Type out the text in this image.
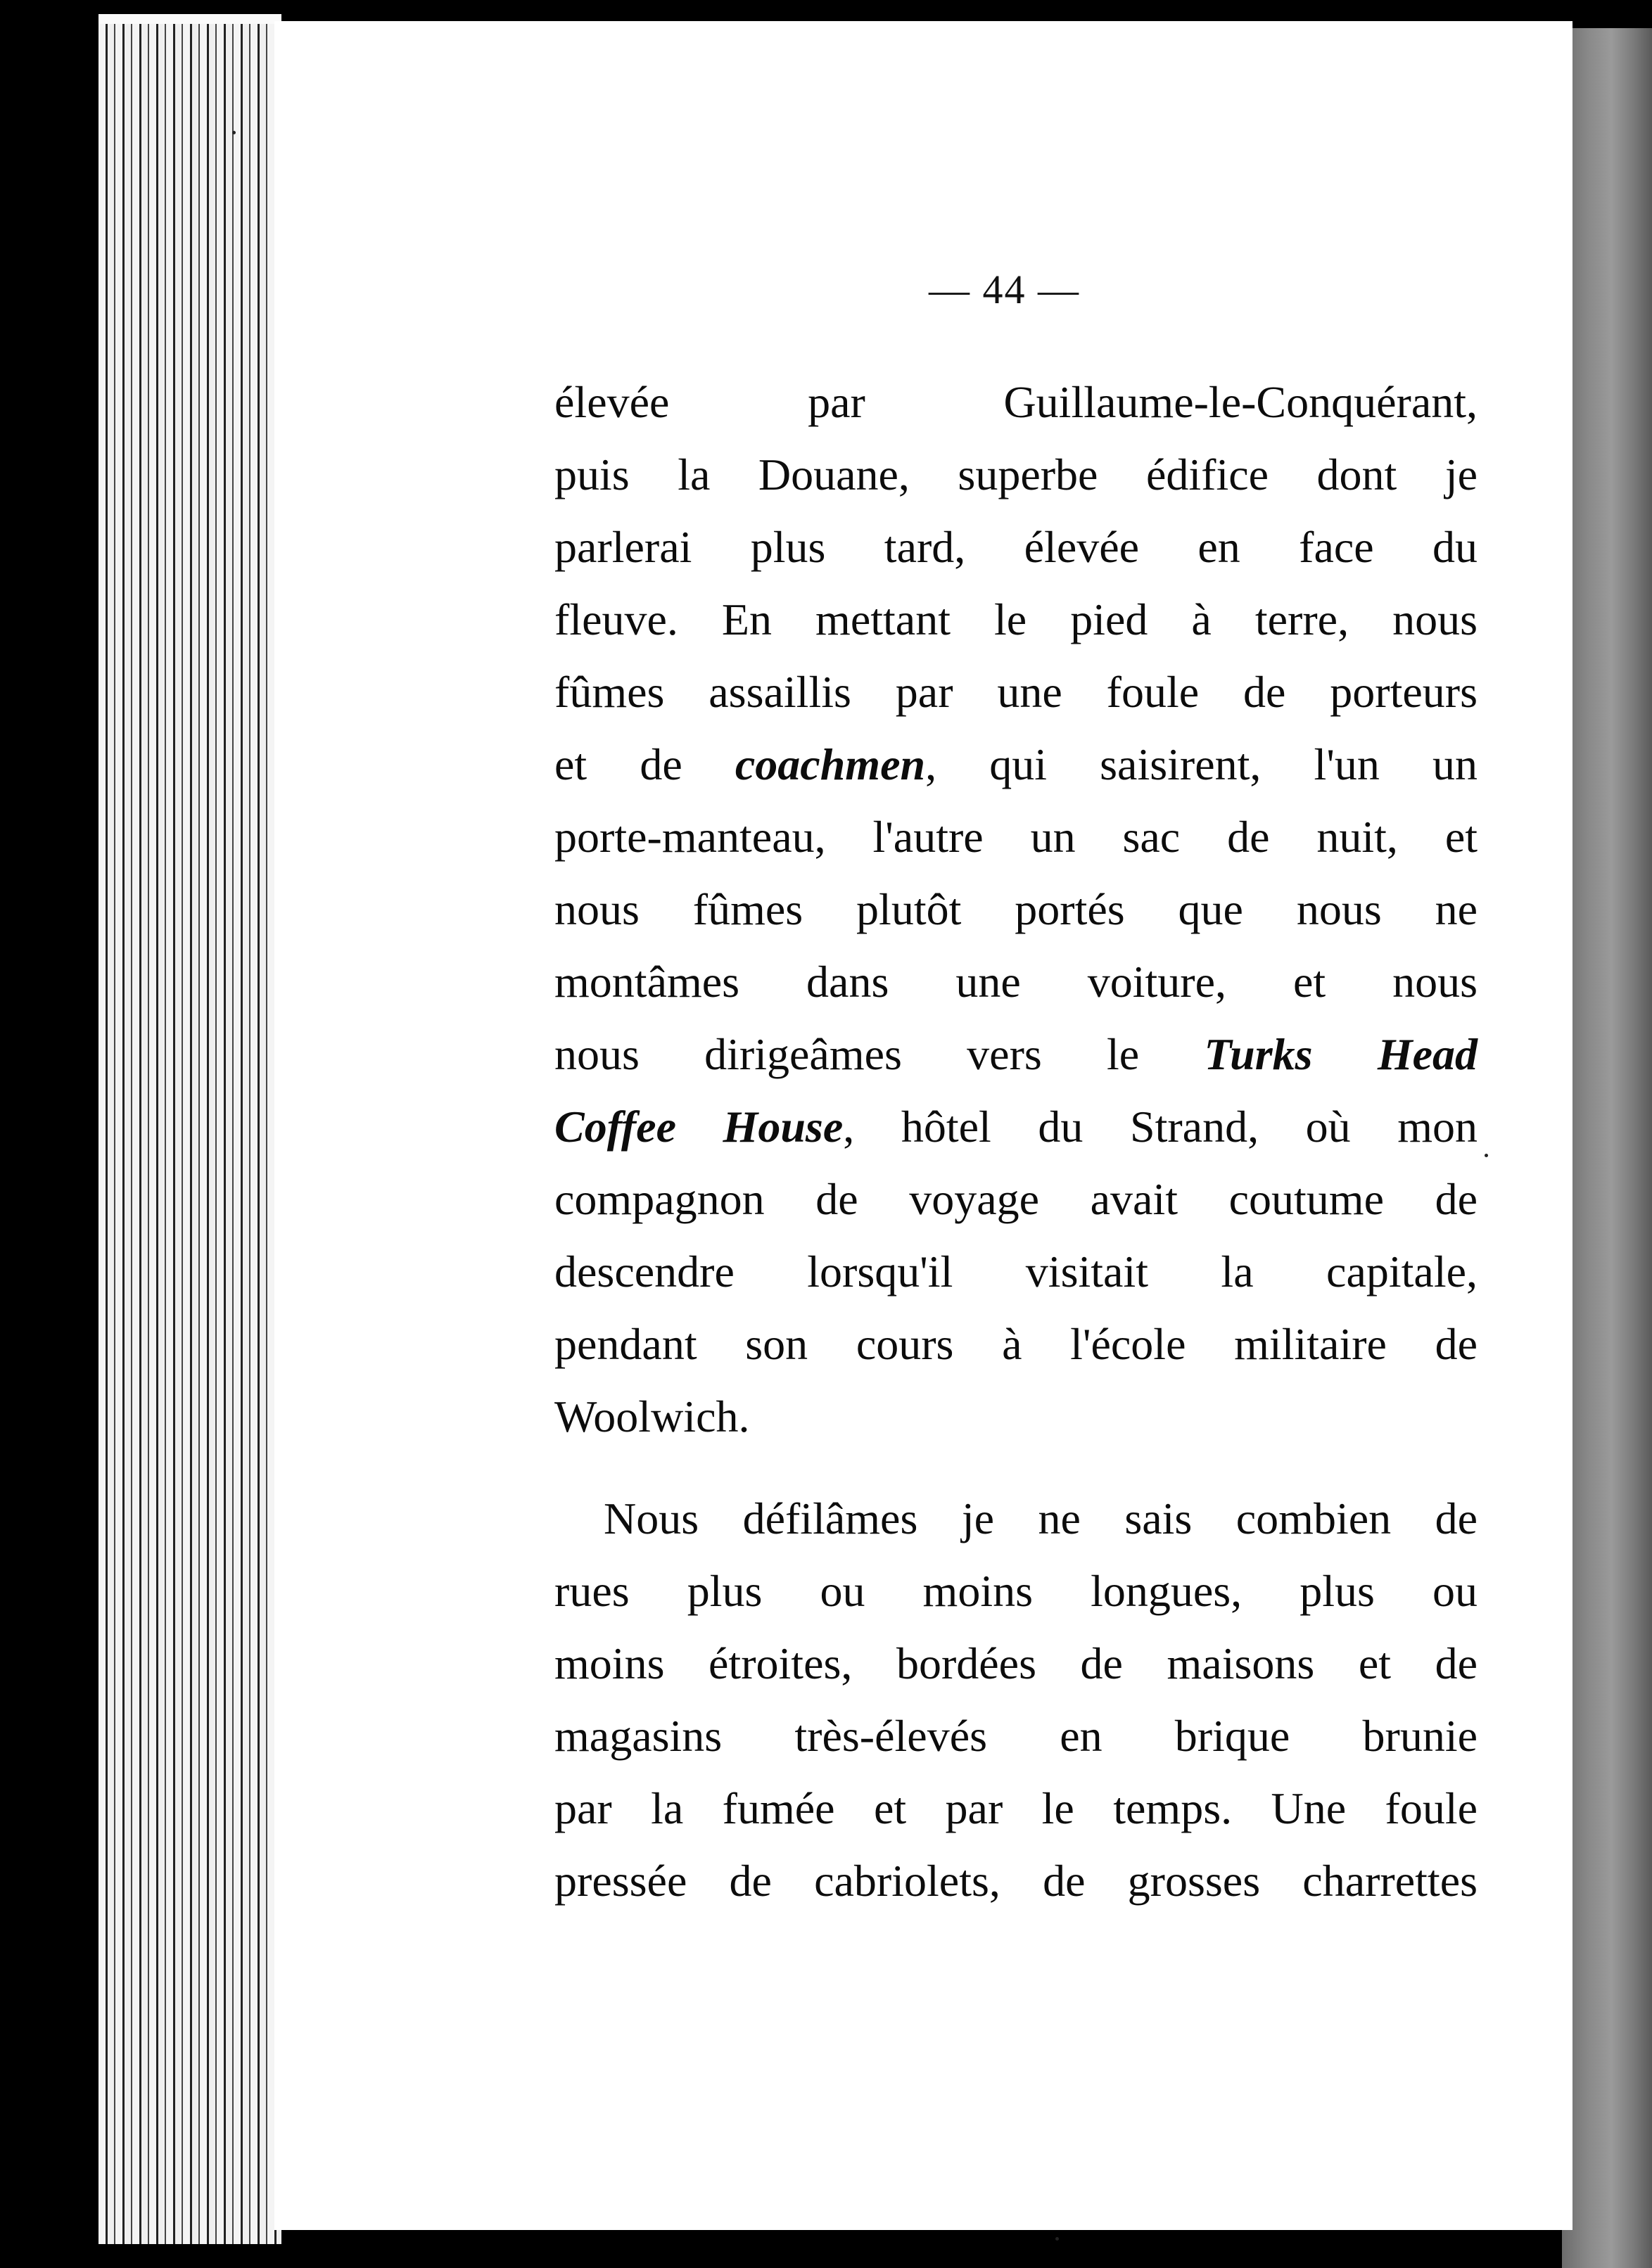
— 44 —
élevée par Guillaume-le-Conquérant,
puis la Douane, superbe édifice dont je
parlerai plus tard, élevée en face du
fleuve. En mettant le pied à terre, nous
fûmes assaillis par une foule de porteurs
et de coachmen, qui saisirent, l'un un
porte-manteau, l'autre un sac de nuit, et
nous fûmes plutôt portés que nous ne
montâmes dans une voiture, et nous
nous dirigeâmes vers le Turks Head
Coffee House, hôtel du Strand, où mon
compagnon de voyage avait coutume de
descendre lorsqu'il visitait la capitale,
pendant son cours à l'école militaire de
Woolwich.
Nous défilâmes je ne sais combien de
rues plus ou moins longues, plus ou
moins étroites, bordées de maisons et de
magasins très-élevés en brique brunie
par la fumée et par le temps. Une foule
pressée de cabriolets, de grosses charrettes
